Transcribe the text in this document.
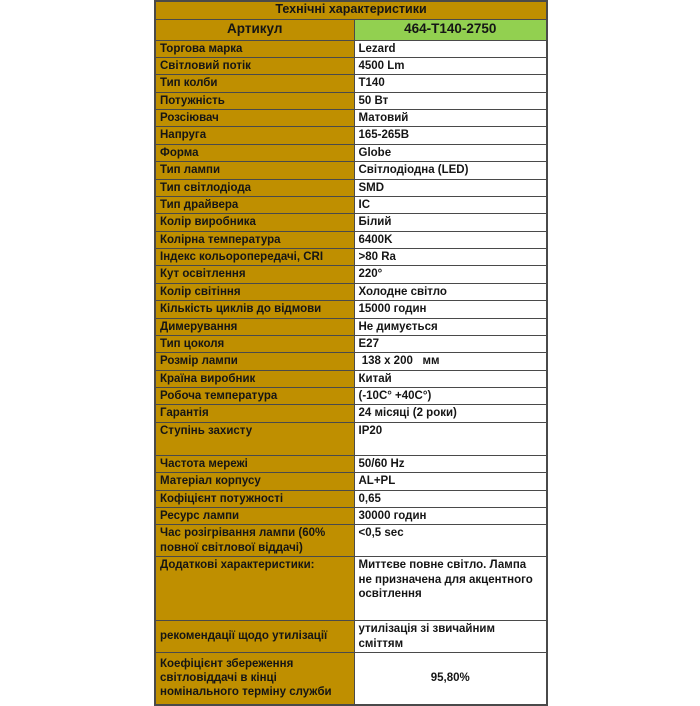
Технічні характеристики	
Артикул	464-T140-2750
Торгова марка	Lezard
Світловий потік	4500 Lm
Тип колби	T140
Потужність	50 Вт
Розсіювач	Матовий
Напруга	165-265В
Форма	Globe
Тип лампи	Світлодіодна (LED)
Тип світлодіода	SMD
Тип драйвера	IC
Колір виробника	Білий
Колірна температура	6400K
Індекс кольоропередачі, CRI	>80 Ra
Кут освітлення	220°
Колір світіння	Холодне світло
Кількість циклів до відмови	15000 годин
Димерування	Не димується
Тип цоколя	E27
Розмір лампи	138 x 200   мм
Країна виробник	Китай
Робоча температура	(-10C° +40C°)
Гарантія	24 місяці (2 роки)
Ступінь захисту	IP20
Частота мережі	50/60 Hz
Матеріал корпусу	AL+PL
Кофіцієнт потужності	0,65
Ресурс лампи	30000 годин
Час розігрівання лампи (60% повної світлової віддачі)	<0,5 sec
Додаткові характеристики:	Миттєве повне світло. Лампа не призначена для акцентного освітлення
рекомендації щодо утилізації	утилізація зі звичайним сміттям
Коефіцієнт збереження світловіддачі в кінці номінального терміну служби	95,80%
